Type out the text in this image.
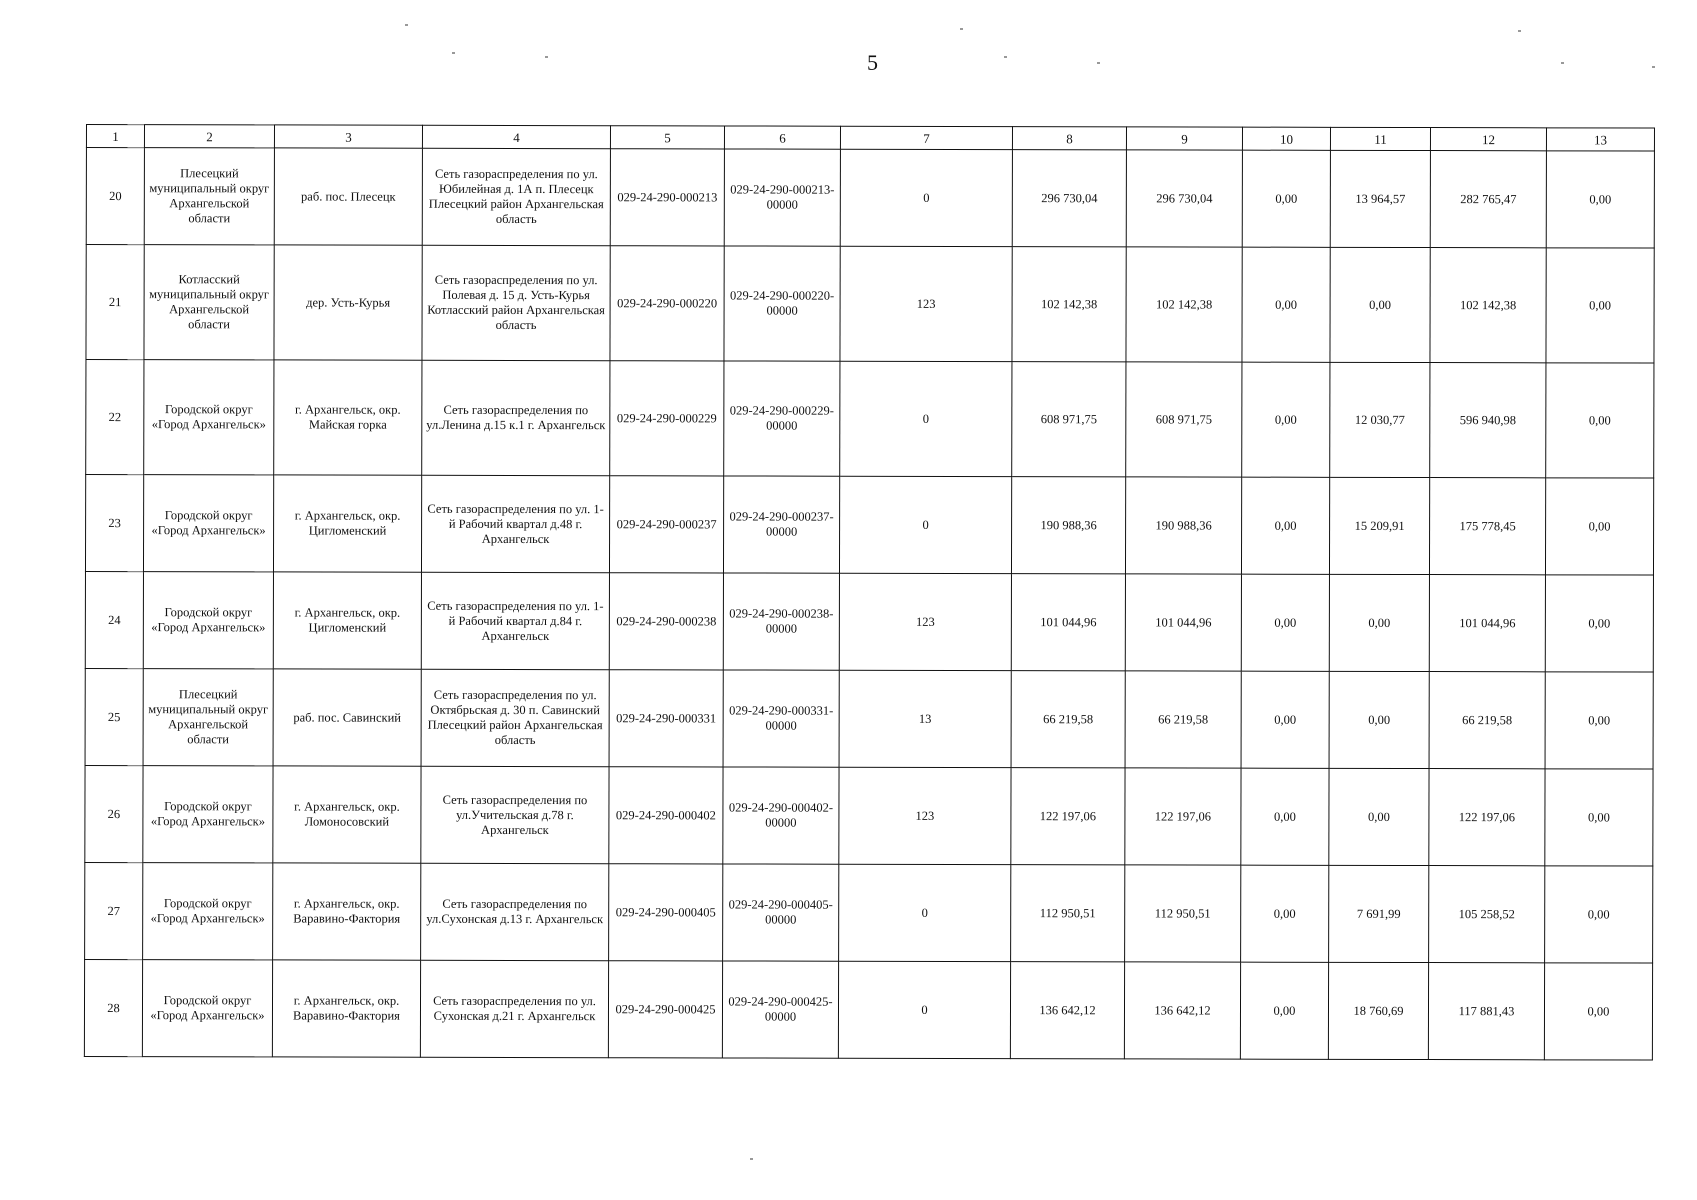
5
1	2	3	4	5	6	7	8	9	10	11	12	13
20	Плесецкий муниципальный округ Архангельской области	раб. пос. Плесецк	Сеть газораспределения по ул. Юбилейная д. 1А п. Плесецк Плесецкий район Архангельская область	029-24-290-000213	029-24-290-000213-00000	0	296 730,04	296 730,04	0,00	13 964,57	282 765,47	0,00
21	Котласский муниципальный округ Архангельской области	дер. Усть-Курья	Сеть газораспределения по ул. Полевая д. 15 д. Усть-Курья Котласский район Архангельская область	029-24-290-000220	029-24-290-000220-00000	123	102 142,38	102 142,38	0,00	0,00	102 142,38	0,00
22	Городской округ «Город Архангельск»	г. Архангельск, окр. Майская горка	Сеть газораспределения по ул.Ленина д.15 к.1 г. Архангельск	029-24-290-000229	029-24-290-000229-00000	0	608 971,75	608 971,75	0,00	12 030,77	596 940,98	0,00
23	Городской округ «Город Архангельск»	г. Архангельск, окр. Цигломенский	Сеть газораспределения по ул. 1-й Рабочий квартал д.48 г. Архангельск	029-24-290-000237	029-24-290-000237-00000	0	190 988,36	190 988,36	0,00	15 209,91	175 778,45	0,00
24	Городской округ «Город Архангельск»	г. Архангельск, окр. Цигломенский	Сеть газораспределения по ул. 1-й Рабочий квартал д.84 г. Архангельск	029-24-290-000238	029-24-290-000238-00000	123	101 044,96	101 044,96	0,00	0,00	101 044,96	0,00
25	Плесецкий муниципальный округ Архангельской области	раб. пос. Савинский	Сеть газораспределения по ул. Октябрьская д. 30 п. Савинский Плесецкий район Архангельская область	029-24-290-000331	029-24-290-000331-00000	13	66 219,58	66 219,58	0,00	0,00	66 219,58	0,00
26	Городской округ «Город Архангельск»	г. Архангельск, окр. Ломоносовский	Сеть газораспределения по ул.Учительская д.78 г. Архангельск	029-24-290-000402	029-24-290-000402-00000	123	122 197,06	122 197,06	0,00	0,00	122 197,06	0,00
27	Городской округ «Город Архангельск»	г. Архангельск, окр. Варавино-Фактория	Сеть газораспределения по ул.Сухонская д.13 г. Архангельск	029-24-290-000405	029-24-290-000405-00000	0	112 950,51	112 950,51	0,00	7 691,99	105 258,52	0,00
28	Городской округ «Город Архангельск»	г. Архангельск, окр. Варавино-Фактория	Сеть газораспределения по ул. Сухонская д.21 г. Архангельск	029-24-290-000425	029-24-290-000425-00000	0	136 642,12	136 642,12	0,00	18 760,69	117 881,43	0,00
